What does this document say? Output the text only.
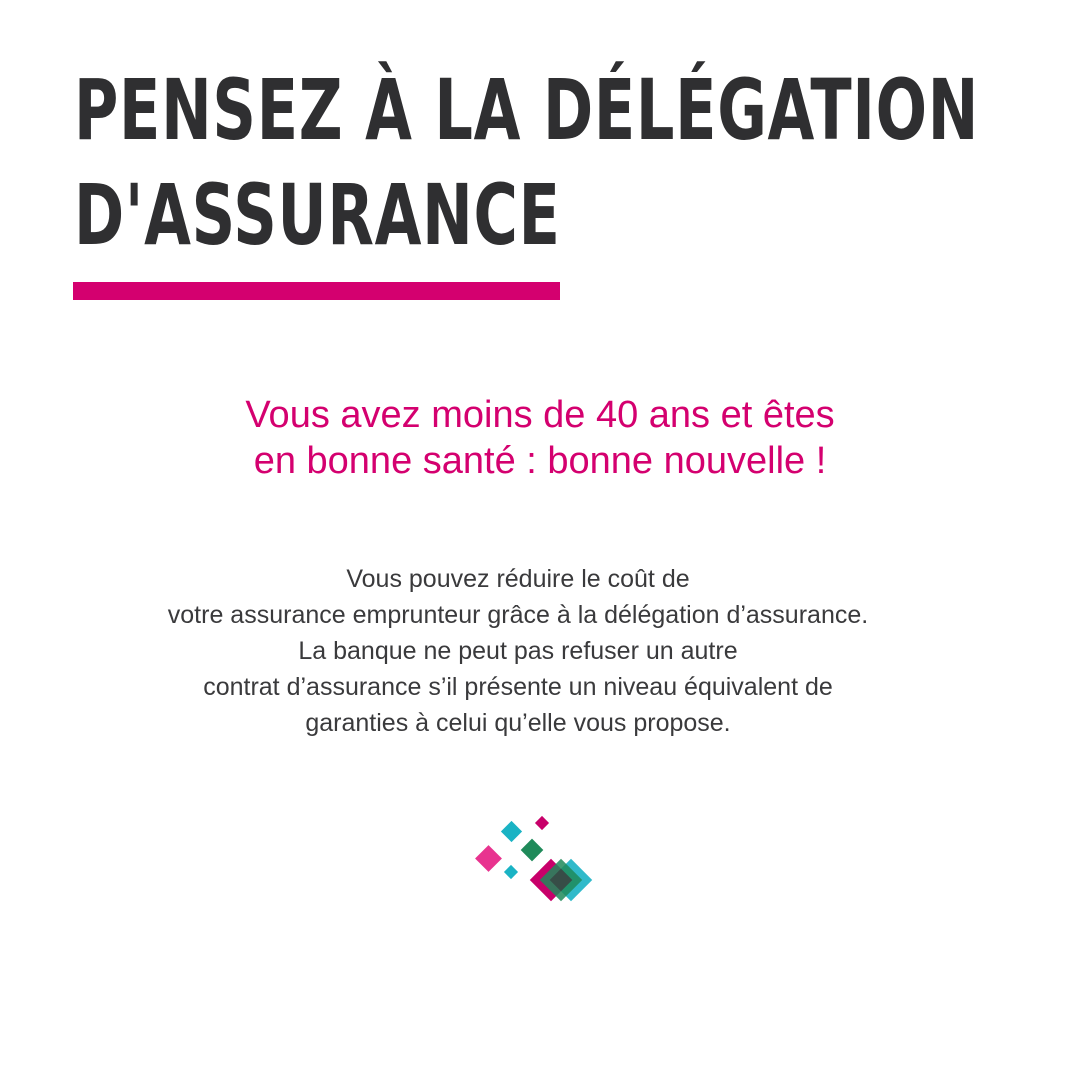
PENSEZ À LA DÉLÉGATION
D'ASSURANCE
Vous avez moins de 40 ans et êtes
en bonne santé : bonne nouvelle !
Vous pouvez réduire le coût de
votre assurance emprunteur grâce à la délégation d’assurance.
La banque ne peut pas refuser un autre
contrat d’assurance s’il présente un niveau équivalent de
garanties à celui qu’elle vous propose.
